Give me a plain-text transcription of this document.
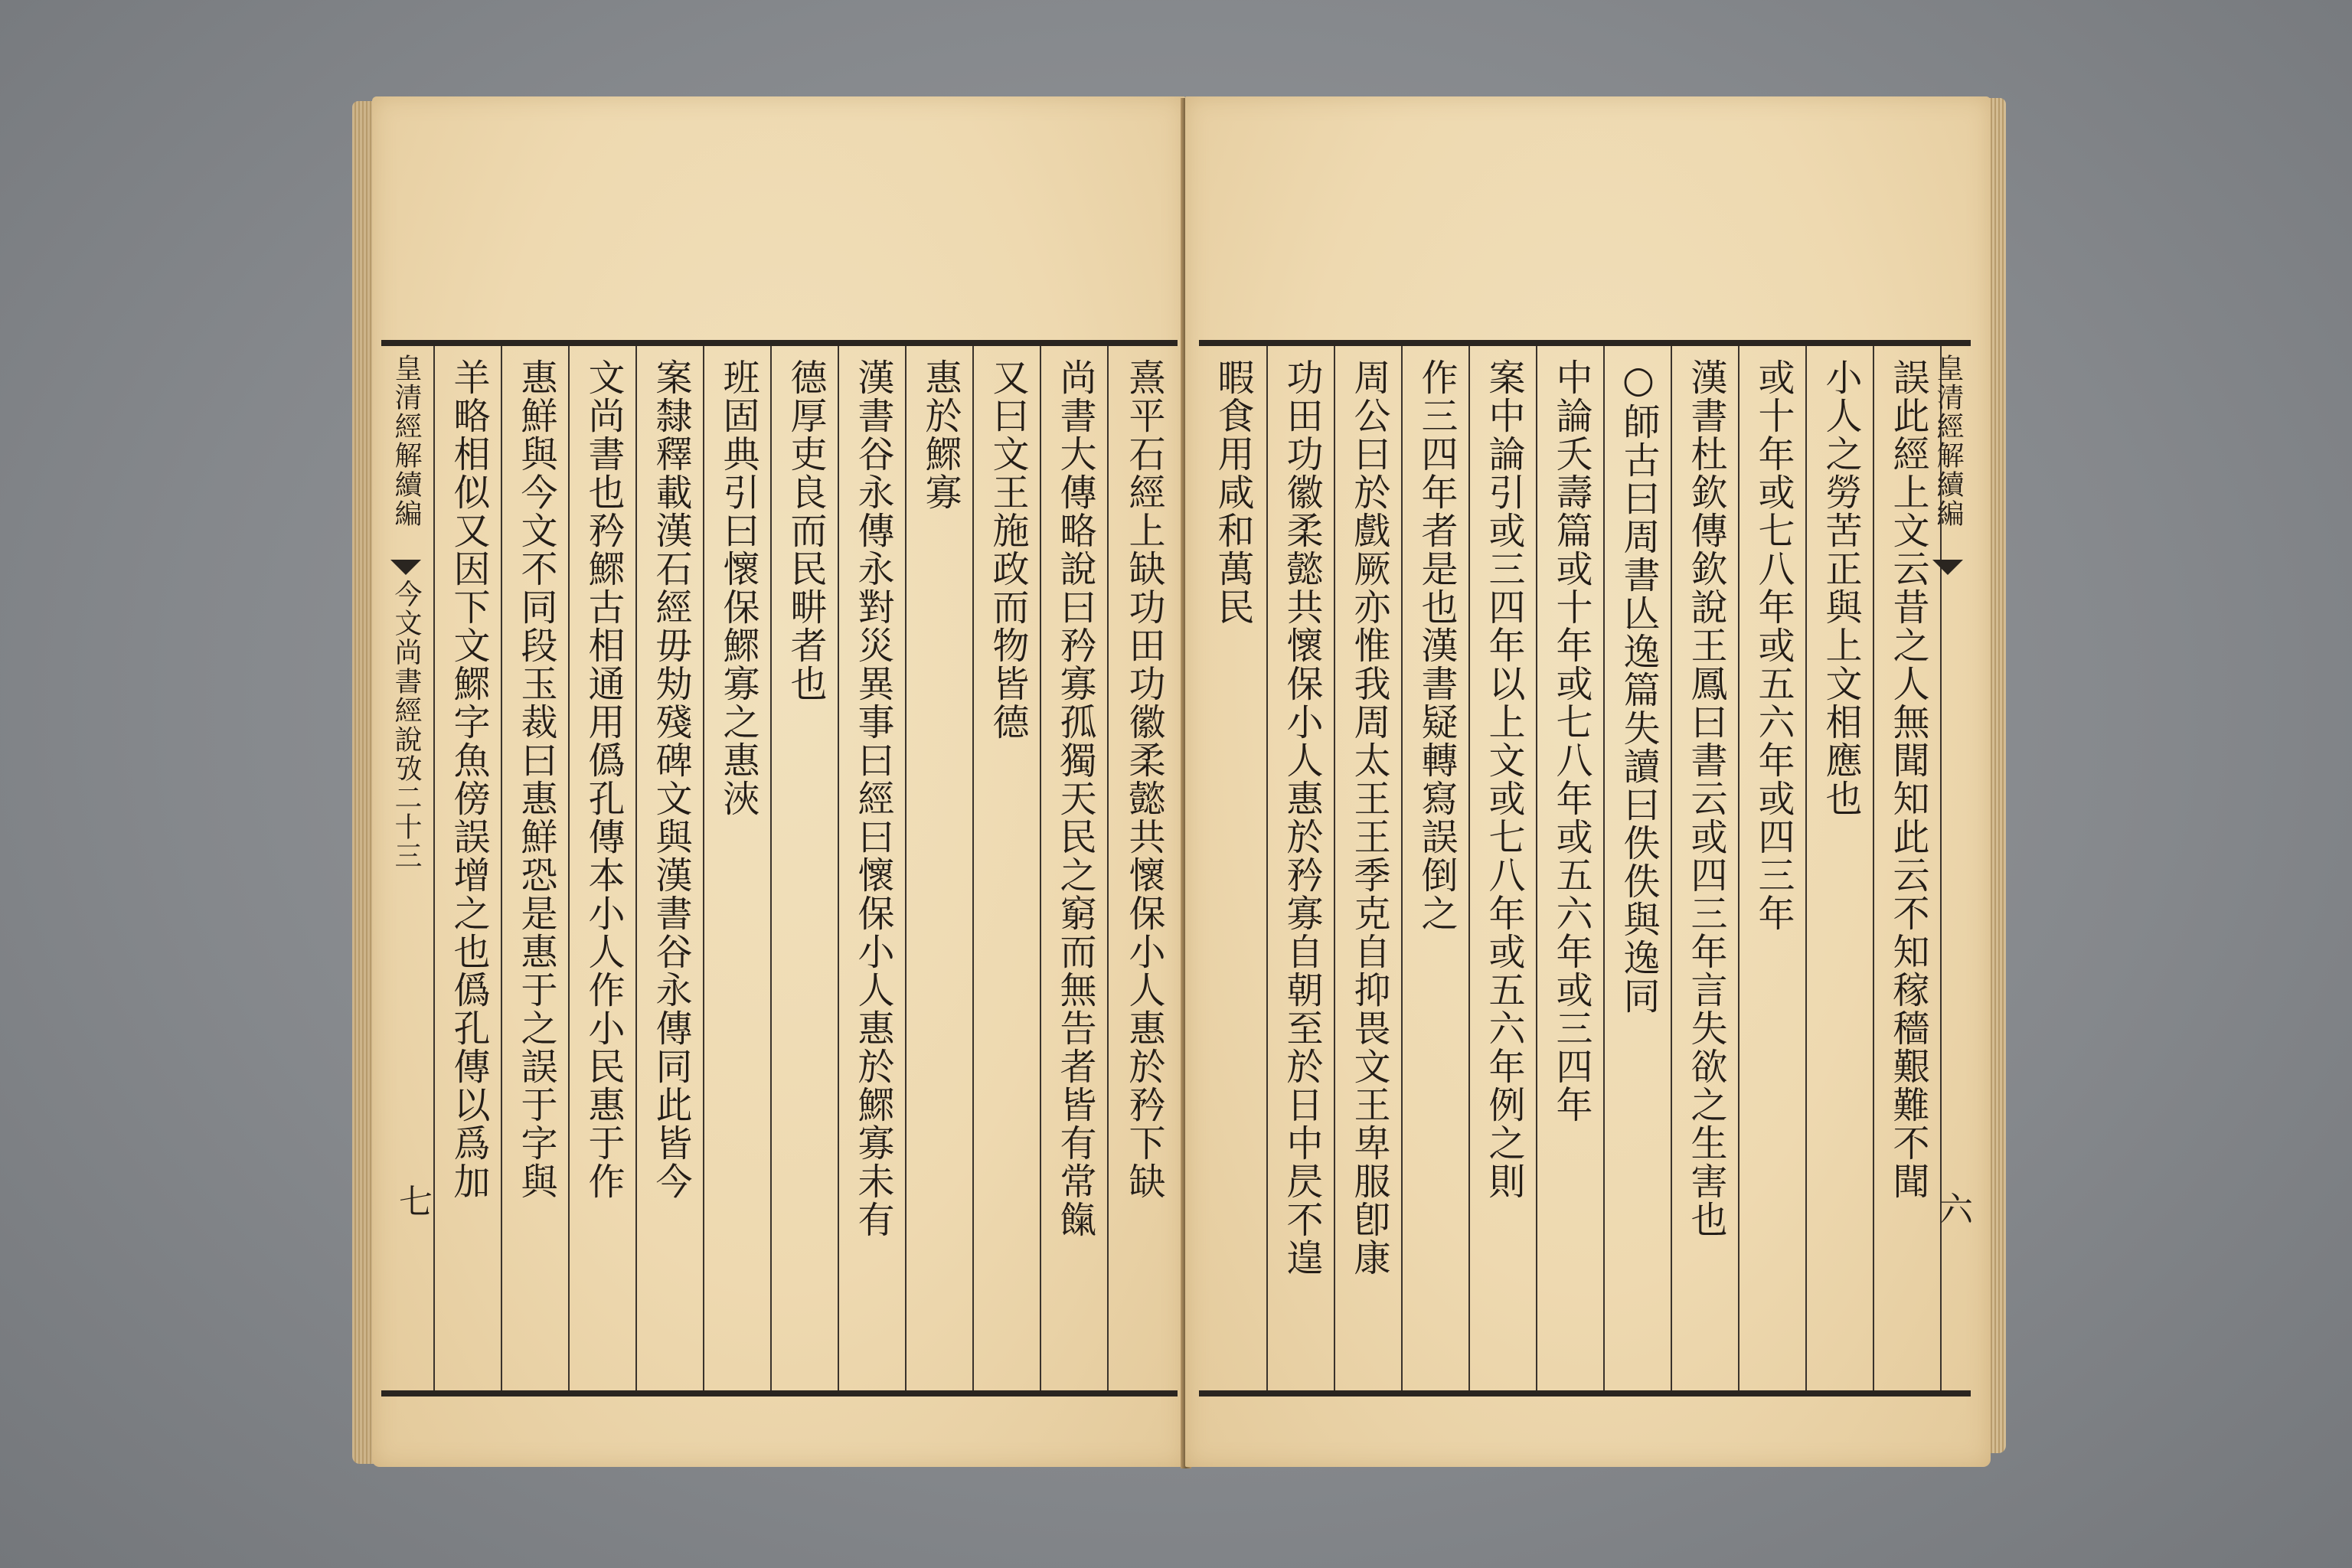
皇清經解續編  今文尚書經說攷二十三 羊略相似又因下文鰥字魚傍誤增之也僞孔傳以爲加 惠鮮與今文不同段玉裁曰惠鮮恐是惠于之誤于字與 文尚書也矜鰥古相通用僞孔傳本小人作小民惠于作 案隸釋載漢石經毋劮殘碑文與漢書谷永傳同此皆今 班固典引曰懷保鰥寡之惠浹 德厚吏良而民畊者也 漢書谷永傳永對災異事曰經曰懷保小人惠於鰥寡未有 惠於鰥寡 又曰文王施政而物皆德 尚書大傳略說曰矜寡孤獨天民之窮而無告者皆有常餼 熹平石經上缺功田功徽柔懿共懷保小人惠於矜下缺
七
暇食用咸和萬民 功田功徽柔懿共懷保小人惠於矜寡自朝至於日中昃不遑 周公曰於戲厥亦惟我周太王王季克自抑畏文王卑服卽康 作三四年者是也漢書疑轉寫誤倒之 案中論引或三四年以上文或七八年或五六年例之則 中論夭壽篇或十年或七八年或五六年或三四年 ○師古曰周書亾逸篇失讀曰佚佚與逸同 漢書杜欽傳欽說王鳳曰書云或四三年言失欲之生害也 或十年或七八年或五六年或四三年 小人之勞苦正與上文相應也 誤此經上文云昔之人無聞知此云不知稼穡艱難不聞 皇清經解續編
六
